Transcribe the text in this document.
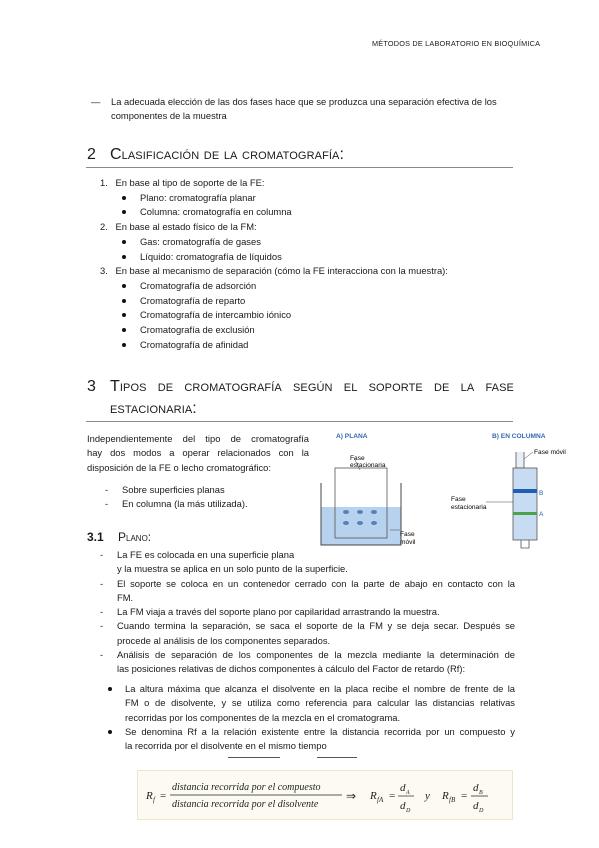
MÉTODOS DE LABORATORIO EN BIOQUÍMICA
— La adecuada elección de las dos fases hace que se produzca una separación efectiva de los
componentes de la muestra
2 Clasificación de la cromatografía:
1. En base al tipo de soporte de la FE:
Plano: cromatografía planar
Columna: cromatografía en columna
2. En base al estado físico de la FM:
Gas: cromatografía de gases
Líquido: cromatografía de líquidos
3. En base al mecanismo de separación (cómo la FE interacciona con la muestra):
Cromatografía de adsorción
Cromatografía de reparto
Cromatografía de intercambio iónico
Cromatografía de exclusión
Cromatografía de afinidad
3 Tipos de cromatografía según el soporte de la fase
estacionaria:
Independientemente del tipo de cromatografía
hay dos modos a operar relacionados con la
disposición de la FE o lecho cromatográfico:
- Sobre superficies planas
- En columna (la más utilizada).
A) PLANA	B) EN COLUMNA
Fase
estacionaria
Fase
móvil
Fase móvil
Fase
estacionaria
B
A
3.1 Plano:
- La FE es colocada en una superficie plana
y la muestra se aplica en un solo punto de la superficie.
- El soporte se coloca en un contenedor cerrado con la parte de abajo en contacto con la
FM.
- La FM viaja a través del soporte plano por capilaridad arrastrando la muestra.
- Cuando termina la separación, se saca el soporte de la FM y se deja secar. Después se
procede al análisis de los componentes separados.
- Análisis de separación de los componentes de la mezcla mediante la determinación de
las posiciones relativas de dichos componentes à cálculo del Factor de retardo (Rf):
La altura máxima que alcanza el disolvente en la placa recibe el nombre de frente de la
FM o de disolvente, y se utiliza como referencia para calcular las distancias relativas
recorridas por los componentes de la mezcla en el cromatograma.
Se denomina Rf a la relación existente entre la distancia recorrida por un compuesto y
la recorrida por el disolvente en el mismo tiempo
R f =
distancia recorrida por el compuesto
distancia recorrida por el disolvente
⇒ R fA =
d A
d D
y R fB =
d B
d D
